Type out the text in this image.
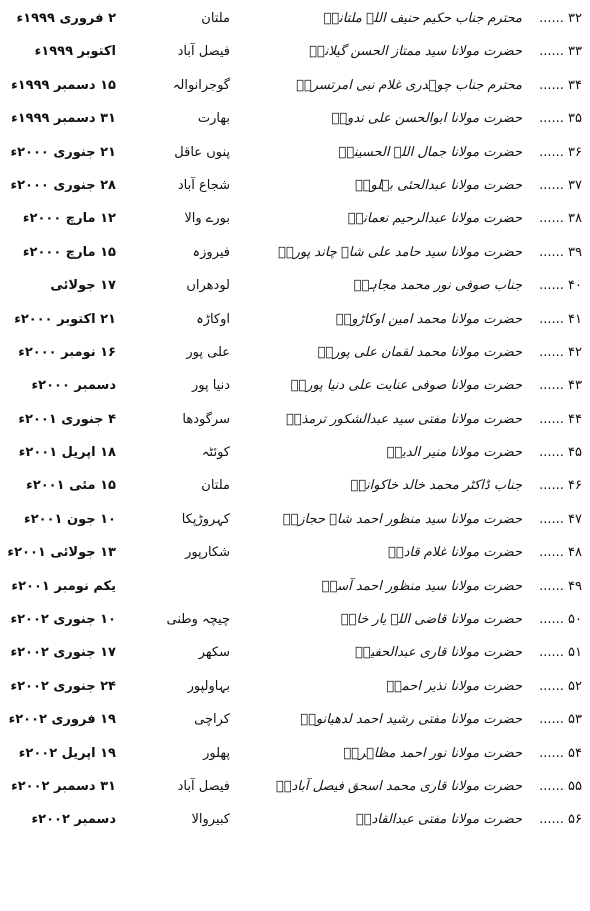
۳۲ ......
محترم جناب حکیم حنیف اللہ ملتانیؒ
ملتان
۲ فروری ۱۹۹۹ء
۳۳ ......
حضرت مولانا سید ممتاز الحسن گیلانیؒ
فیصل آباد
اکتوبر ۱۹۹۹ء
۳۴ ......
محترم جناب چوہدری غلام نبی امرتسریؒ
گوجرانوالہ
۱۵ دسمبر ۱۹۹۹ء
۳۵ ......
حضرت مولانا ابوالحسن علی ندویؒ
بھارت
۳۱ دسمبر ۱۹۹۹ء
۳۶ ......
حضرت مولانا جمال اللہ الحسینیؒ
پنوں عاقل
۲۱ جنوری ۲۰۰۰ء
۳۷ ......
حضرت مولانا عبدالحئی بہلویؒ
شجاع آباد
۲۸ جنوری ۲۰۰۰ء
۳۸ ......
حضرت مولانا عبدالرحیم نعمانیؒ
بورے والا
۱۲ مارچ ۲۰۰۰ء
۳۹ ......
حضرت مولانا سید حامد علی شاہ چاند پوریؒ
فیروزہ
۱۵ مارچ ۲۰۰۰ء
۴۰ ......
جناب صوفی نور محمد مجاہدؒ
لودھراں
۱۷ جولائی
۴۱ ......
حضرت مولانا محمد امین اوکاڑویؒ
اوکاڑہ
۲۱ اکتوبر ۲۰۰۰ء
۴۲ ......
حضرت مولانا محمد لقمان علی پوریؒ
علی پور
۱۶ نومبر ۲۰۰۰ء
۴۳ ......
حضرت مولانا صوفی عنایت علی دنیا پوریؒ
دنیا پور
دسمبر ۲۰۰۰ء
۴۴ ......
حضرت مولانا مفتی سید عبدالشکور ترمذیؒ
سرگودھا
۴ جنوری ۲۰۰۱ء
۴۵ ......
حضرت مولانا منیر الدینؒ
کوئٹہ
۱۸ اپریل ۲۰۰۱ء
۴۶ ......
جناب ڈاکٹر محمد خالد خاکوانیؒ
ملتان
۱۵ مئی ۲۰۰۱ء
۴۷ ......
حضرت مولانا سید منظور احمد شاہ حجازیؒ
کہروڑپکا
۱۰ جون ۲۰۰۱ء
۴۸ ......
حضرت مولانا غلام قادرؒ
شکارپور
۱۳ جولائی ۲۰۰۱ء
۴۹ ......
حضرت مولانا سید منظور احمد آسیؒ
یکم نومبر ۲۰۰۱ء
۵۰ ......
حضرت مولانا قاضی اللہ یار خانؒ
چیچہ وطنی
۱۰ جنوری ۲۰۰۲ء
۵۱ ......
حضرت مولانا قاری عبدالحفیظؒ
سکھر
۱۷ جنوری ۲۰۰۲ء
۵۲ ......
حضرت مولانا نذیر احمدؒ
بہاولپور
۲۴ جنوری ۲۰۰۲ء
۵۳ ......
حضرت مولانا مفتی رشید احمد لدھیانویؒ
کراچی
۱۹ فروری ۲۰۰۲ء
۵۴ ......
حضرت مولانا نور احمد مظاہریؒ
پھلور
۱۹ اپریل ۲۰۰۲ء
۵۵ ......
حضرت مولانا قاری محمد اسحق فیصل آبادیؒ
فیصل آباد
۳۱ دسمبر ۲۰۰۲ء
۵۶ ......
حضرت مولانا مفتی عبدالقادرؒ
کبیروالا
دسمبر ۲۰۰۲ء
